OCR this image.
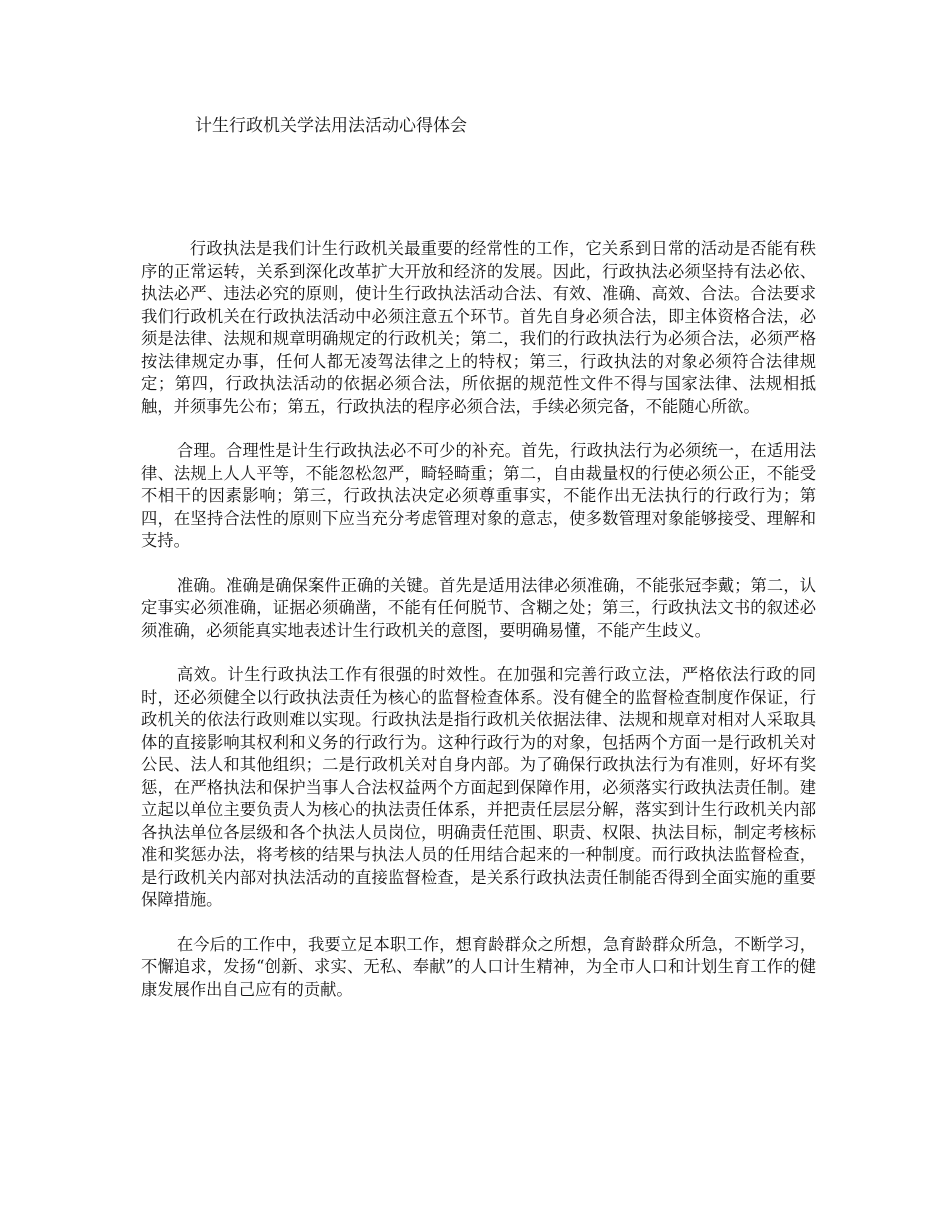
计生行政机关学法用法活动心得体会

行政执法是我们计生行政机关最重要的经常性的工作，它关系到日常的活动是否能有秩序的正常运转，关系到深化改革扩大开放和经济的发展。因此，行政执法必须坚持有法必依、执法必严、违法必究的原则，使计生行政执法活动合法、有效、准确、高效、合法。合法要求我们行政机关在行政执法活动中必须注意五个环节。首先自身必须合法，即主体资格合法，必须是法律、法规和规章明确规定的行政机关；第二，我们的行政执法行为必须合法，必须严格按法律规定办事，任何人都无凌驾法律之上的特权；第三，行政执法的对象必须符合法律规定；第四，行政执法活动的依据必须合法，所依据的规范性文件不得与国家法律、法规相抵触，并须事先公布；第五，行政执法的程序必须合法，手续必须完备，不能随心所欲。

合理。合理性是计生行政执法必不可少的补充。首先，行政执法行为必须统一，在适用法律、法规上人人平等，不能忽松忽严，畸轻畸重；第二，自由裁量权的行使必须公正，不能受不相干的因素影响；第三，行政执法决定必须尊重事实，不能作出无法执行的行政行为；第四，在坚持合法性的原则下应当充分考虑管理对象的意志，使多数管理对象能够接受、理解和支持。

准确。准确是确保案件正确的关键。首先是适用法律必须准确，不能张冠李戴；第二，认定事实必须准确，证据必须确凿，不能有任何脱节、含糊之处；第三，行政执法文书的叙述必须准确，必须能真实地表述计生行政机关的意图，要明确易懂，不能产生歧义。

高效。计生行政执法工作有很强的时效性。在加强和完善行政立法，严格依法行政的同时，还必须健全以行政执法责任为核心的监督检查体系。没有健全的监督检查制度作保证，行政机关的依法行政则难以实现。行政执法是指行政机关依据法律、法规和规章对相对人采取具体的直接影响其权利和义务的行政行为。这种行政行为的对象，包括两个方面一是行政机关对公民、法人和其他组织；二是行政机关对自身内部。为了确保行政执法行为有准则，好坏有奖惩，在严格执法和保护当事人合法权益两个方面起到保障作用，必须落实行政执法责任制。建立起以单位主要负责人为核心的执法责任体系，并把责任层层分解，落实到计生行政机关内部各执法单位各层级和各个执法人员岗位，明确责任范围、职责、权限、执法目标，制定考核标准和奖惩办法，将考核的结果与执法人员的任用结合起来的一种制度。而行政执法监督检查，是行政机关内部对执法活动的直接监督检查，是关系行政执法责任制能否得到全面实施的重要保障措施。

在今后的工作中，我要立足本职工作，想育龄群众之所想，急育龄群众所急，不断学习，不懈追求，发扬“创新、求实、无私、奉献”的人口计生精神，为全市人口和计划生育工作的健康发展作出自己应有的贡献。
